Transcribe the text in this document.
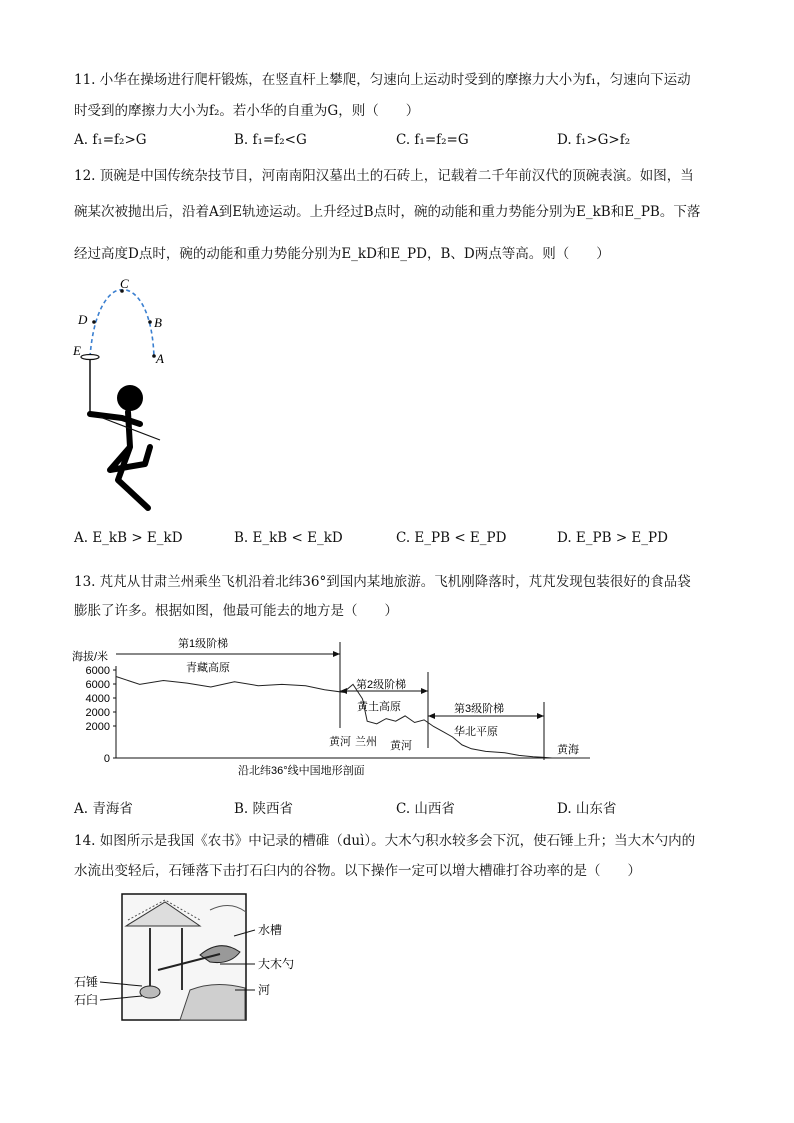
11. 小华在操场进行爬杆锻炼，在竖直杆上攀爬，匀速向上运动时受到的摩擦力大小为f₁，匀速向下运动
时受到的摩擦力大小为f₂。若小华的自重为G，则（　　）
A. f₁=f₂>G	B. f₁=f₂<G	C. f₁=f₂=G	D. f₁>G>f₂
12. 顶碗是中国传统杂技节目，河南南阳汉墓出土的石砖上，记载着二千年前汉代的顶碗表演。如图，当
碗某次被抛出后，沿着A到E轨迹运动。上升经过B点时，碗的动能和重力势能分别为E_kB和E_PB。下落
经过高度D点时，碗的动能和重力势能分别为E_kD和E_PD，B、D两点等高。则（　　）
C
D	B
E
A
A. E_kB > E_kD	B. E_kB < E_kD	C. E_PB < E_PD	D. E_PB > E_PD
13. 芃芃从甘肃兰州乘坐飞机沿着北纬36°到国内某地旅游。飞机刚降落时，芃芃发现包装很好的食品袋
膨胀了许多。根据如图，他最可能去的地方是（　　）
海拔/米
6000
6000
4000
2000
2000
0
第1级阶梯
第2级阶梯
第3级阶梯
青藏高原
黄土高原
华北平原
黄河 兰州 黄河	黄海
沿北纬36°线中国地形剖面
A. 青海省	B. 陕西省	C. 山西省	D. 山东省
14. 如图所示是我国《农书》中记录的槽碓（duì）。大木勺积水较多会下沉，使石锤上升；当大木勺内的
水流出变轻后，石锤落下击打石臼内的谷物。以下操作一定可以增大槽碓打谷功率的是（　　）
水槽
大木勺
河
石锤
石臼
